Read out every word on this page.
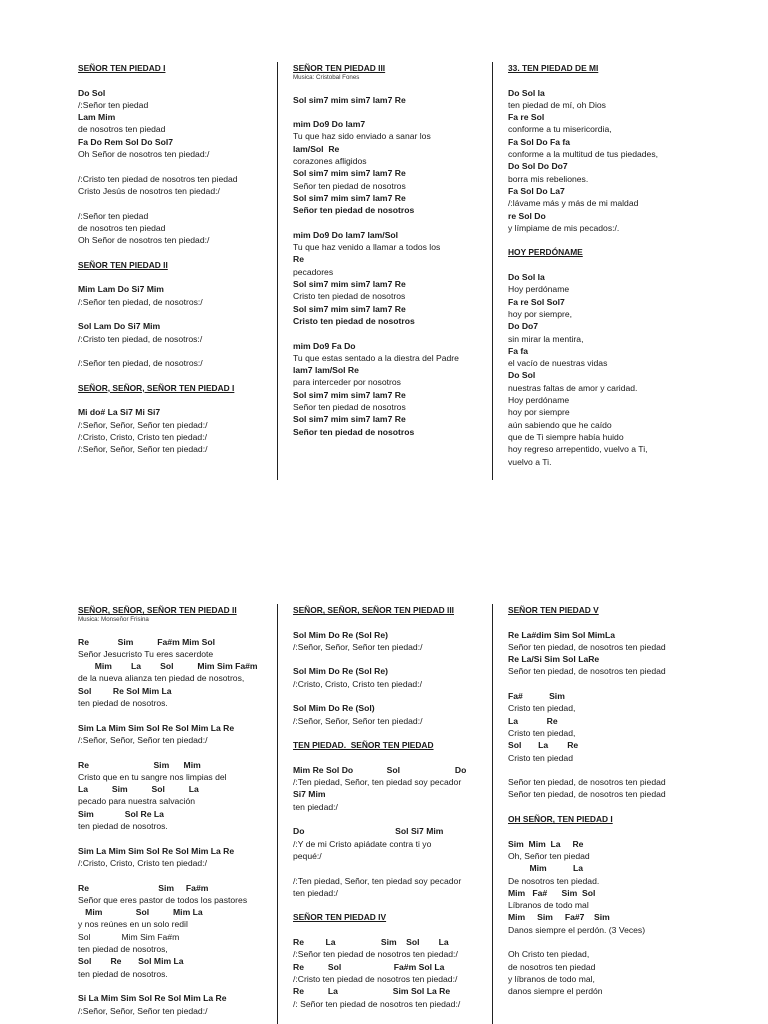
SEÑOR TEN PIEDAD I
Do Sol
/:Señor ten piedad
Lam Mim
de nosotros ten piedad
Fa Do Rem Sol Do Sol7
Oh Señor de nosotros ten piedad:/
/:Cristo ten piedad de nosotros ten piedad
Cristo Jesús de nosotros ten piedad:/
/:Señor ten piedad
de nosotros ten piedad
Oh Señor de nosotros ten piedad:/
SEÑOR TEN PIEDAD II
Mim Lam Do Si7 Mim
/:Señor ten piedad, de nosotros:/
Sol Lam Do Si7 Mim
/:Cristo ten piedad, de nosotros:/
/:Señor ten piedad, de nosotros:/
SEÑOR, SEÑOR, SEÑOR TEN PIEDAD I
Mi do# La Si7 Mi Si7
/:Señor, Señor, Señor ten piedad:/
/:Cristo, Cristo, Cristo ten piedad:/
/:Señor, Señor, Señor ten piedad:/
SEÑOR TEN PIEDAD III
Musica: Cristobal Fones
Sol sim7 mim sim7 lam7 Re
mim Do9 Do lam7
Tu que haz sido enviado a sanar los
lam/Sol  Re
corazones afligidos
Sol sim7 mim sim7 lam7 Re
Señor ten piedad de nosotros
Sol sim7 mim sim7 lam7 Re
Señor ten piedad de nosotros
mim Do9 Do lam7 lam/Sol
Tu que haz venido a llamar a todos los
Re
pecadores
Sol sim7 mim sim7 lam7 Re
Cristo ten piedad de nosotros
Sol sim7 mim sim7 lam7 Re
Cristo ten piedad de nosotros
mim Do9 Fa Do
Tu que estas sentado a la diestra del Padre
lam7 lam/Sol Re
para interceder por nosotros
Sol sim7 mim sim7 lam7 Re
Señor ten piedad de nosotros
Sol sim7 mim sim7 lam7 Re
Señor ten piedad de nosotros
33. TEN PIEDAD DE MI
Do Sol la
ten piedad de mí, oh Dios
Fa re Sol
conforme a tu misericordia,
Fa Sol Do Fa fa
conforme a la multitud de tus piedades,
Do Sol Do Do7
borra mis rebeliones.
Fa Sol Do La7
/:lávame más y más de mi maldad
re Sol Do
y límpiame de mis pecados:/.
HOY PERDÓNAME
Do Sol la
Hoy perdóname
Fa re Sol Sol7
hoy por siempre,
Do Do7
sin mirar la mentira,
Fa fa
el vacío de nuestras vidas
Do Sol
nuestras faltas de amor y caridad.
Hoy perdóname
hoy por siempre
aún sabiendo que he caído
que de Ti siempre había huido
hoy regreso arrepentido, vuelvo a Ti,
vuelvo a Ti.
SEÑOR, SEÑOR, SEÑOR TEN PIEDAD II
Musica: Monseñor Frisina
Re            Sim          Fa#m Mim Sol
Señor Jesucristo Tu eres sacerdote
Mim        La        Sol          Mim Sim Fa#m
de la nueva alianza ten piedad de nosotros,
Sol         Re Sol Mim La
ten piedad de nosotros.
Sim La Mim Sim Sol Re Sol Mim La Re
/:Señor, Señor, Señor ten piedad:/
Re                           Sim      Mim
Cristo que en tu sangre nos limpias del
La          Sim          Sol          La
pecado para nuestra salvación
Sim             Sol Re La
ten piedad de nosotros.
Sim La Mim Sim Sol Re Sol Mim La Re
/:Cristo, Cristo, Cristo ten piedad:/
Re                             Sim     Fa#m
Señor que eres pastor de todos los pastores
Mim              Sol          Mim La
y nos reúnes en un solo redil
Sol             Mim Sim Fa#m
ten piedad de nosotros,
Sol        Re       Sol Mim La
ten piedad de nosotros.
Si La Mim Sim Sol Re Sol Mim La Re
/:Señor, Señor, Señor ten piedad:/
SEÑOR, SEÑOR, SEÑOR TEN PIEDAD III
Sol Mim Do Re (Sol Re)
/:Señor, Señor, Señor ten piedad:/
Sol Mim Do Re (Sol Re)
/:Cristo, Cristo, Cristo ten piedad:/
Sol Mim Do Re (Sol)
/:Señor, Señor, Señor ten piedad:/
TEN PIEDAD.  SEÑOR TEN PIEDAD
Mim Re Sol Do              Sol                       Do
/:Ten piedad, Señor, ten piedad soy pecador
Si7 Mim
ten piedad:/
Do                                      Sol Si7 Mim
/:Y de mi Cristo apiádate contra ti yo
pequé:/
/:Ten piedad, Señor, ten piedad soy pecador
ten piedad:/
SEÑOR TEN PIEDAD IV
Re         La                   Sim    Sol        La
/:Señor ten piedad de nosotros ten piedad:/
Re          Sol                      Fa#m Sol La
/:Cristo ten piedad de nosotros ten piedad:/
Re          La                       Sim Sol La Re
/: Señor ten piedad de nosotros ten piedad:/
SEÑOR TEN PIEDAD V
Re La#dim Sim Sol MimLa
Señor ten piedad, de nosotros ten piedad
Re La/Si Sim Sol LaRe
Señor ten piedad, de nosotros ten piedad
Fa#           Sim
Cristo ten piedad,
La            Re
Cristo ten piedad,
Sol       La        Re
Cristo ten piedad
Señor ten piedad, de nosotros ten piedad
Señor ten piedad, de nosotros ten piedad
OH SEÑOR, TEN PIEDAD I
Sim  Mim  La     Re
Oh, Señor ten piedad
Mim           La
De nosotros ten piedad.
Mim   Fa#      Sim  Sol
Líbranos de todo mal
Mim     Sim     Fa#7    Sim
Danos siempre el perdón. (3 Veces)
Oh Cristo ten piedad,
de nosotros ten piedad
y líbranos de todo mal,
danos siempre el perdón
